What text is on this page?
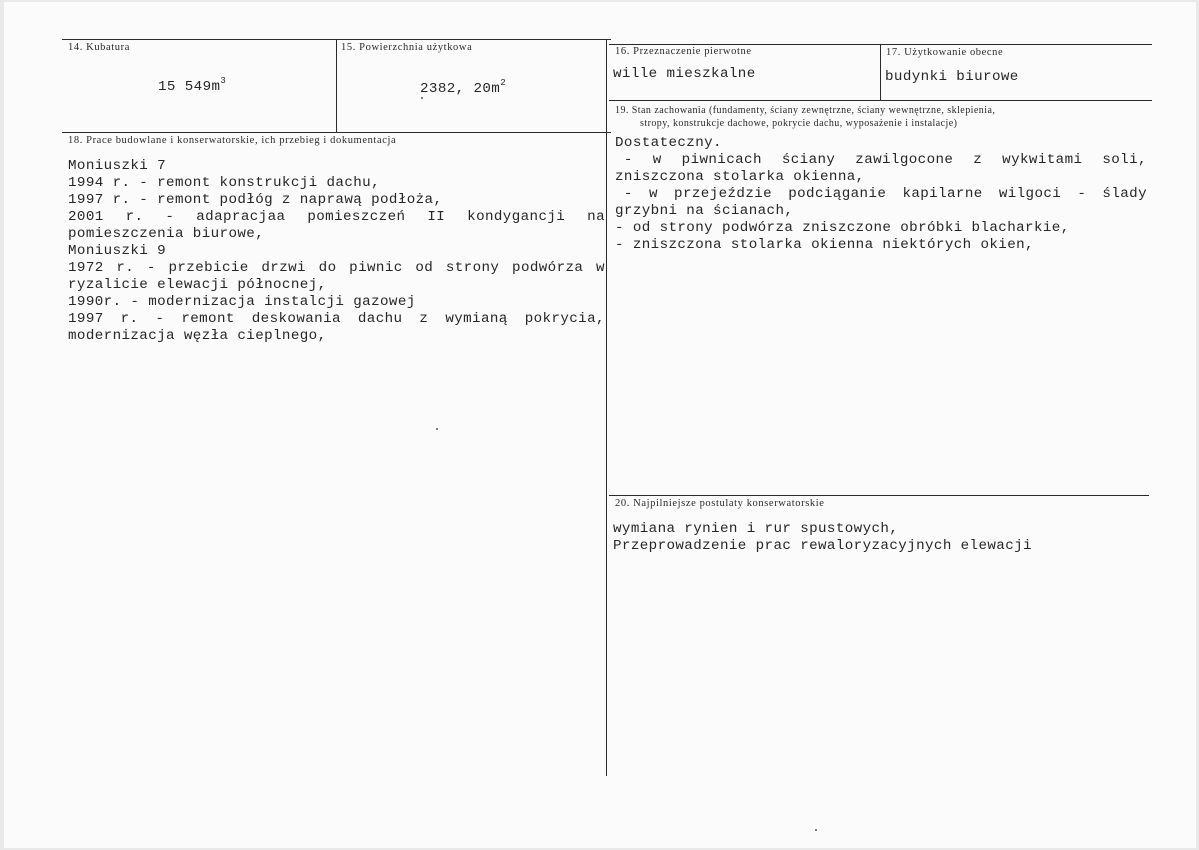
14. Kubatura
15 $549m^3$
15. Powierzchnia użytkowa
2382, $20m^2$
16. Przeznaczenie pierwotne
wille mieszkalne
17. Użytkowanie obecne
budynki biurowe
18. Prace budowlane i konserwatorskie, ich przebieg i dokumentacja
Moniuszki 7
1994 r. - remont konstrukcji dachu,
1997 r. - remont podłóg z naprawą podłoża,
2001 r. - adapracjaa pomieszczeń II kondygancji na
pomieszczenia biurowe,
Moniuszki 9
1972 r. - przebicie drzwi do piwnic od strony podwórza w
ryzalicie elewacji północnej,
1990r. - modernizacja instalcji gazowej
1997 r. - remont deskowania dachu z wymianą pokrycia,
modernizacja węzła cieplnego,
19. Stan zachowania (fundamenty, ściany zewnętrzne, ściany wewnętrzne, sklepienia,
stropy, konstrukcje dachowe, pokrycie dachu, wyposażenie i instalacje)
Dostateczny.
- w piwnicach ściany zawilgocone z wykwitami soli,
zniszczona stolarka okienna,
- w przejeździe podciąganie kapilarne wilgoci - ślady
grzybni na ścianach,
- od strony podwórza zniszczone obróbki blacharkie,
- zniszczona stolarka okienna niektórych okien,
20. Najpilniejsze postulaty konserwatorskie
wymiana rynien i rur spustowych,
Przeprowadzenie prac rewaloryzacyjnych elewacji
